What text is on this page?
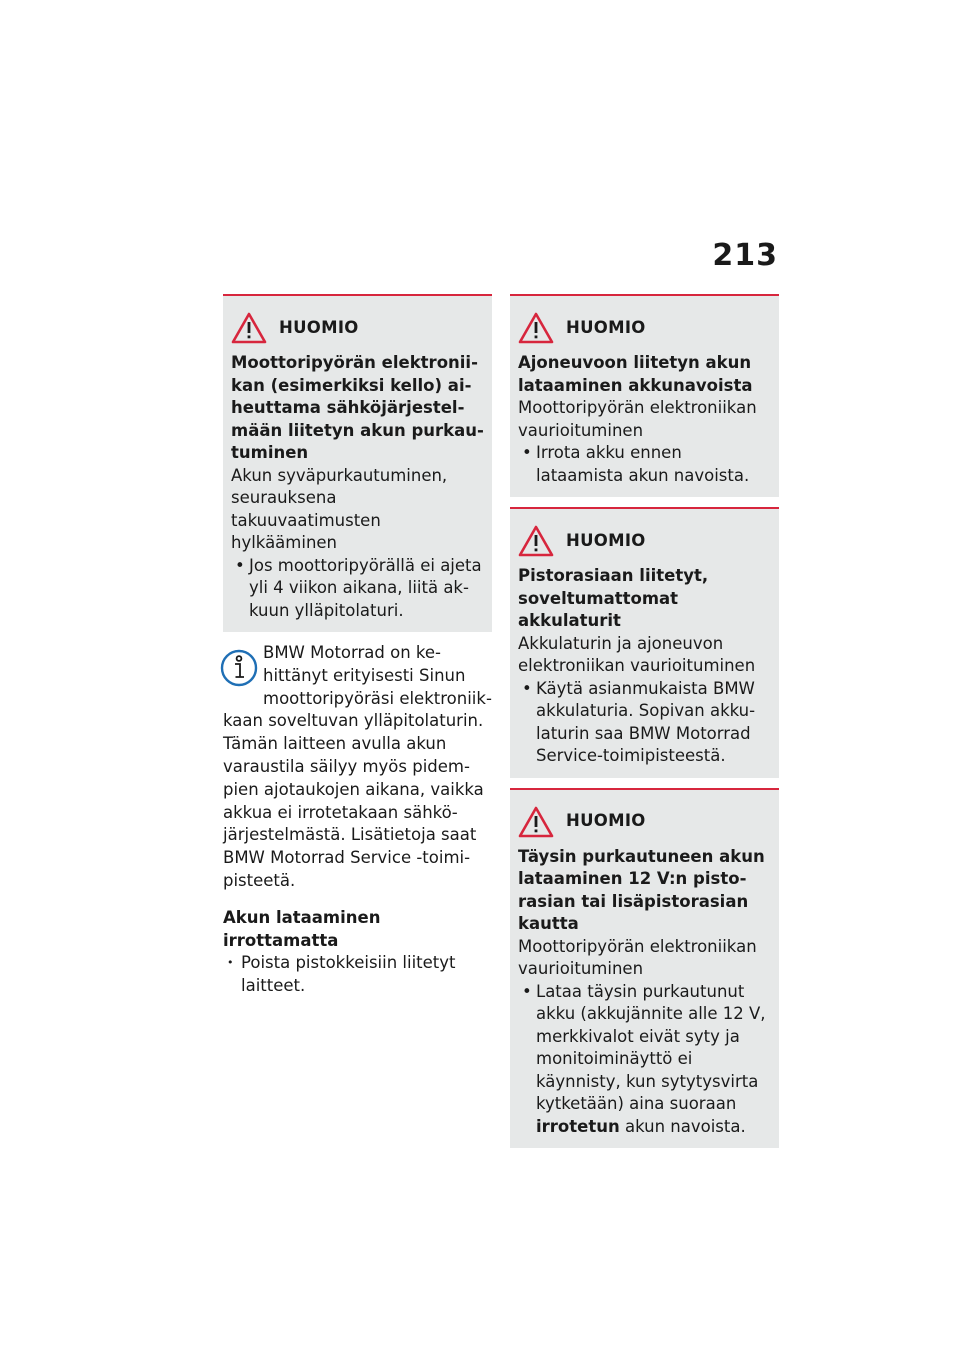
213
HUOMIO

Moottoripyörän elektroniikan (esimerkiksi kello) aiheuttama sähköjärjestelmään liitetyn akun purkautuminen

Akun syväpurkautuminen, seurauksena takuuvaatimusten hylkääminen

• Jos moottoripyörällä ei ajeta yli 4 viikon aikana, liitä akkuun ylläpitolaturi.
BMW Motorrad on kehittänyt erityisesti Sinun moottoripyöräsi elektroniikkaan soveltuvan ylläpitolaturin. Tämän laitteen avulla akun varaustila säilyy myös pidempien ajotaukojen aikana, vaikka akkua ei irrotetakaan sähköjärjestelmästä. Lisätietoja saat BMW Motorrad Service -toimipisteetä.

Akun lataaminen irrottamatta

• Poista pistokkeisiin liitetyt laitteet.
HUOMIO

Ajoneuvoon liitetyn akun lataaminen akkunavoista

Moottoripyörän elektroniikan vaurioituminen

• Irrota akku ennen lataamista akun navoista.
HUOMIO

Pistorasiaan liitetyt, soveltumattomat akkulaturit

Akkulaturin ja ajoneuvon elektroniikan vaurioituminen

• Käytä asianmukaista BMW akkulaturia. Sopivan akkulaturin saa BMW Motorrad Service-toimipisteestä.
HUOMIO

Täysin purkautuneen akun lataaminen 12 V:n pistorasian tai lisäpistorasian kautta

Moottoripyörän elektroniikan vaurioituminen

• Lataa täysin purkautunut akku (akkujännite alle 12 V, merkkivalot eivät syty ja monitoiminäyttö ei käynnisty, kun sytytysvirta kytketään) aina suoraan irrotetun akun navoista.
